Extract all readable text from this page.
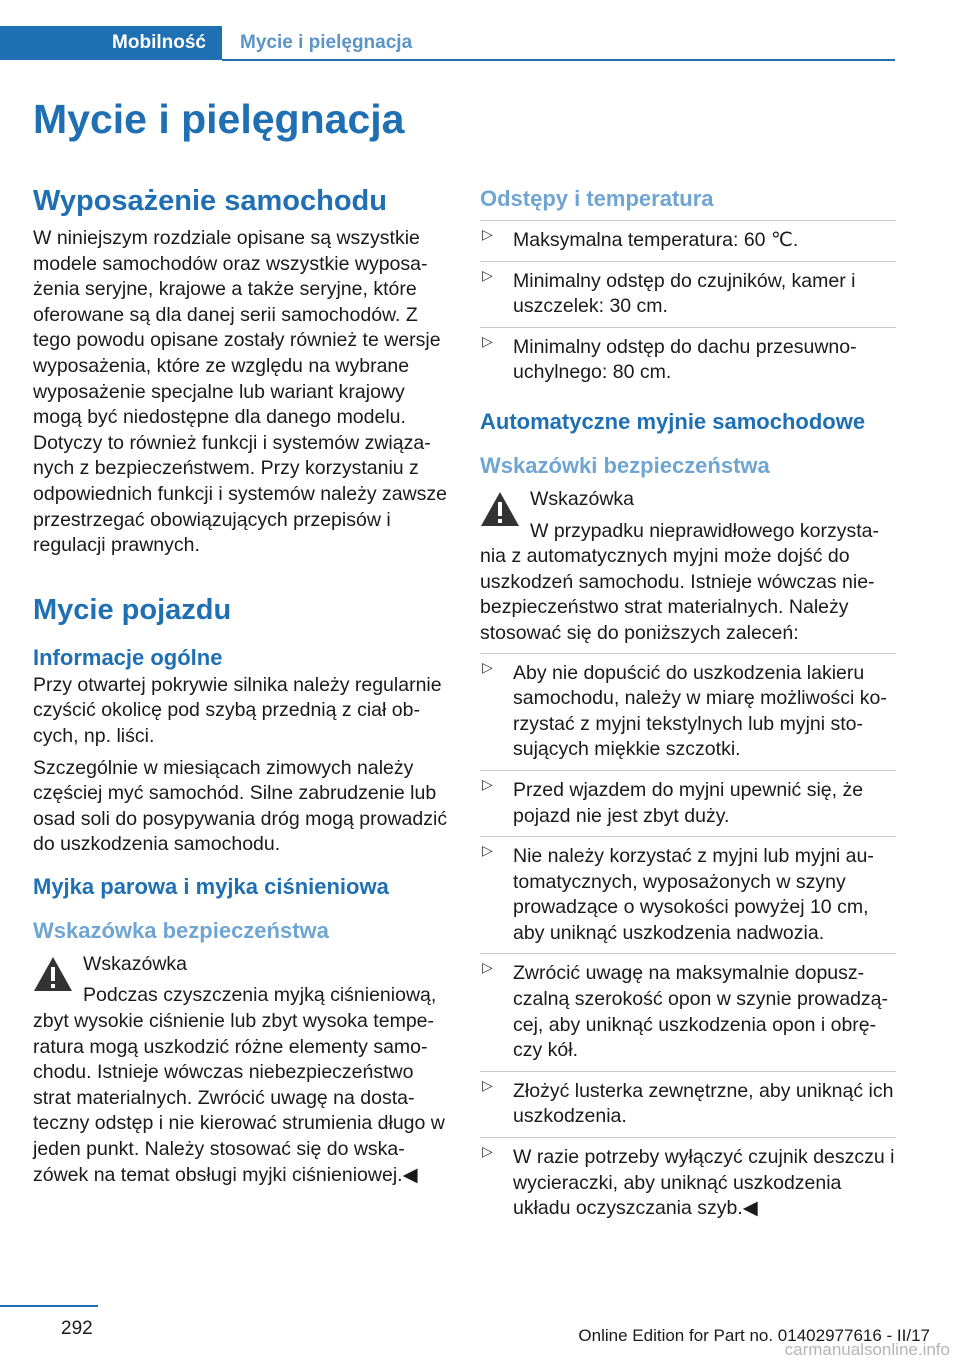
Mobilność Mycie i pielęgnacja
Mycie i pielęgnacja
Wyposażenie samochodu

W niniejszym rozdziale opisane są wszystkie modele samochodów oraz wszystkie wyposażenia seryjne, krajowe a także seryjne, które oferowane są dla danej serii samochodów. Z tego powodu opisane zostały również te wersje wyposażenia, które ze względu na wybrane wyposażenie specjalne lub wariant krajowy mogą być niedostępne dla danego modelu. Dotyczy to również funkcji i systemów związanych z bezpieczeństwem. Przy korzystaniu z odpowiednich funkcji i systemów należy zawsze przestrzegać obowiązujących przepisów i regulacji prawnych.

Mycie pojazdu
Informacje ogólne

Przy otwartej pokrywie silnika należy regularnie czyścić okolicę pod szybą przednią z ciał obcych, np. liści.

Szczególnie w miesiącach zimowych należy częściej myć samochód. Silne zabrudzenie lub osad soli do posypywania dróg mogą prowadzić do uszkodzenia samochodu.

Myjka parowa i myjka ciśnieniowa
Wskazówka bezpieczeństwa

Wskazówka

Podczas czyszczenia myjką ciśnieniową, zbyt wysokie ciśnienie lub zbyt wysoka temperatura mogą uszkodzić różne elementy samochodu. Istnieje wówczas niebezpieczeństwo strat materialnych. Zwrócić uwagę na dostateczny odstęp i nie kierować strumienia długo w jeden punkt. Należy stosować się do wskazówek na temat obsługi myjki ciśnieniowej.◀

Odstępy i temperatura
▷ Maksymalna temperatura: 60 ℃.
▷ Minimalny odstęp do czujników, kamer i uszczelek: 30 cm.
▷ Minimalny odstęp do dachu przesuwnouchylnego: 80 cm.
Automatyczne myjnie samochodowe
Wskazówki bezpieczeństwa

Wskazówka

W przypadku nieprawidłowego korzystania z automatycznych myjni może dojść do uszkodzeń samochodu. Istnieje wówczas niebezpieczeństwo strat materialnych. Należy stosować się do poniższych zaleceń:

▷ Aby nie dopuścić do uszkodzenia lakieru samochodu, należy w miarę możliwości korzystać z myjni tekstylnych lub myjni stosujących miękkie szczotki.
▷ Przed wjazdem do myjni upewnić się, że pojazd nie jest zbyt duży.
▷ Nie należy korzystać z myjni lub myjni automatycznych, wyposażonych w szyny prowadzące o wysokości powyżej 10 cm, aby uniknąć uszkodzenia nadwozia.
▷ Zwrócić uwagę na maksymalnie dopuszczalną szerokość opon w szynie prowadzącej, aby uniknąć uszkodzenia opon i obręczy kół.
▷ Złożyć lusterka zewnętrzne, aby uniknąć ich uszkodzenia.
▷ W razie potrzeby wyłączyć czujnik deszczu i wycieraczki, aby uniknąć uszkodzenia układu oczyszczania szyb.◀
292	Online Edition for Part no. 01402977616 - II/17
carmanualsonline.info
